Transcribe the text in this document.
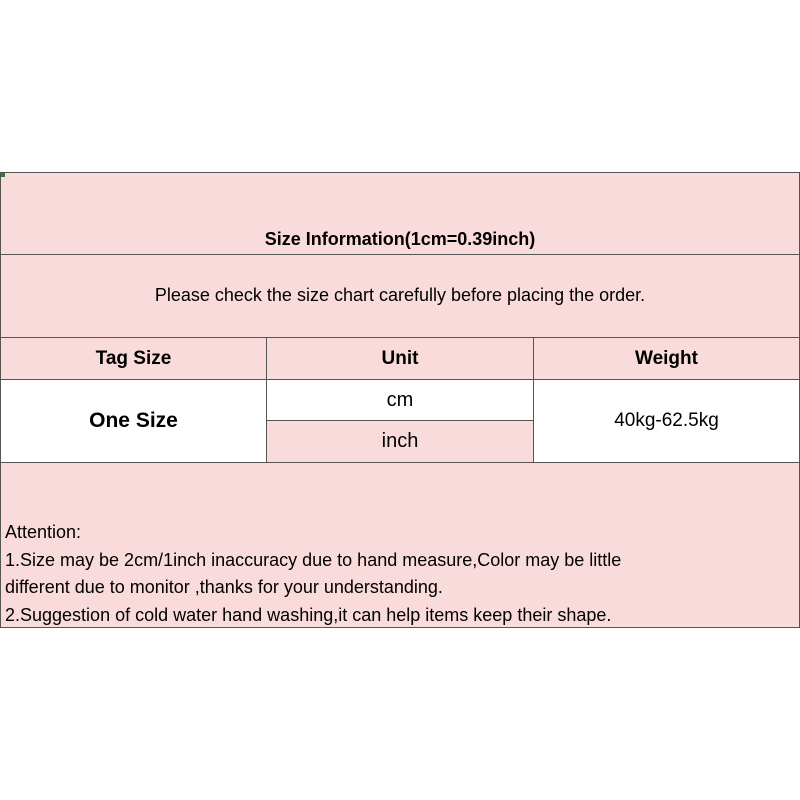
Size Information(1cm=0.39inch)
Please check the size chart carefully before placing the order.
Tag Size	Unit	Weight
One Size
cm
inch
40kg-62.5kg
Attention:
1.Size may be 2cm/1inch inaccuracy due to hand measure,Color may be little
different due to monitor ,thanks for your understanding.
2.Suggestion of cold water hand washing,it can help items keep their shape.
